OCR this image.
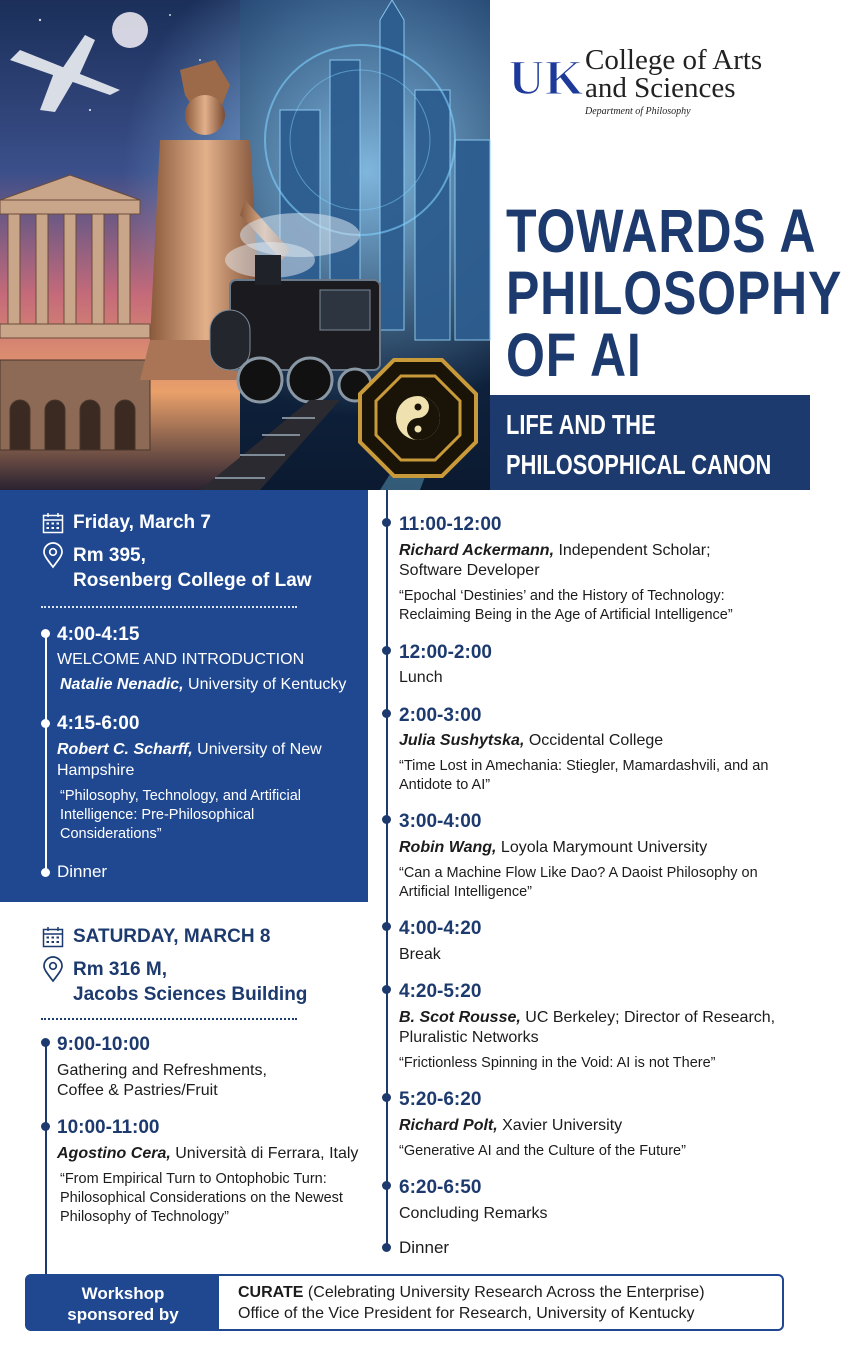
UK College of Arts
and Sciences
Department of Philosophy
TOWARDS A
PHILOSOPHY
OF AI
LIFE AND THE
PHILOSOPHICAL CANON
Friday, March 7
Rm 395,
Rosenberg College of Law
4:00-4:15
WELCOME AND INTRODUCTION
Natalie Nenadic, University of Kentucky
4:15-6:00
Robert C. Scharff, University of New
Hampshire
“Philosophy, Technology, and Artificial Intelligence: Pre-Philosophical Considerations”
Dinner
SATURDAY, MARCH 8
Rm 316 M,
Jacobs Sciences Building
9:00-10:00
Gathering and Refreshments,
Coffee & Pastries/Fruit
10:00-11:00
Agostino Cera, Università di Ferrara, Italy
“From Empirical Turn to Ontophobic Turn: Philosophical Considerations on the Newest Philosophy of Technology”
11:00-12:00
Richard Ackermann, Independent Scholar;
Software Developer
“Epochal ‘Destinies’ and the History of Technology: Reclaiming Being in the Age of Artificial Intelligence”
12:00-2:00
Lunch
2:00-3:00
Julia Sushytska, Occidental College
“Time Lost in Amechania: Stiegler, Mamardashvili, and an Antidote to AI”
3:00-4:00
Robin Wang, Loyola Marymount University
“Can a Machine Flow Like Dao? A Daoist Philosophy on Artificial Intelligence”
4:00-4:20
Break
4:20-5:20
B. Scot Rousse, UC Berkeley; Director of Research,
Pluralistic Networks
“Frictionless Spinning in the Void: AI is not There”
5:20-6:20
Richard Polt, Xavier University
“Generative AI and the Culture of the Future”
6:20-6:50
Concluding Remarks
Dinner
Workshop
sponsored by
CURATE (Celebrating University Research Across the Enterprise)
Office of the Vice President for Research, University of Kentucky
